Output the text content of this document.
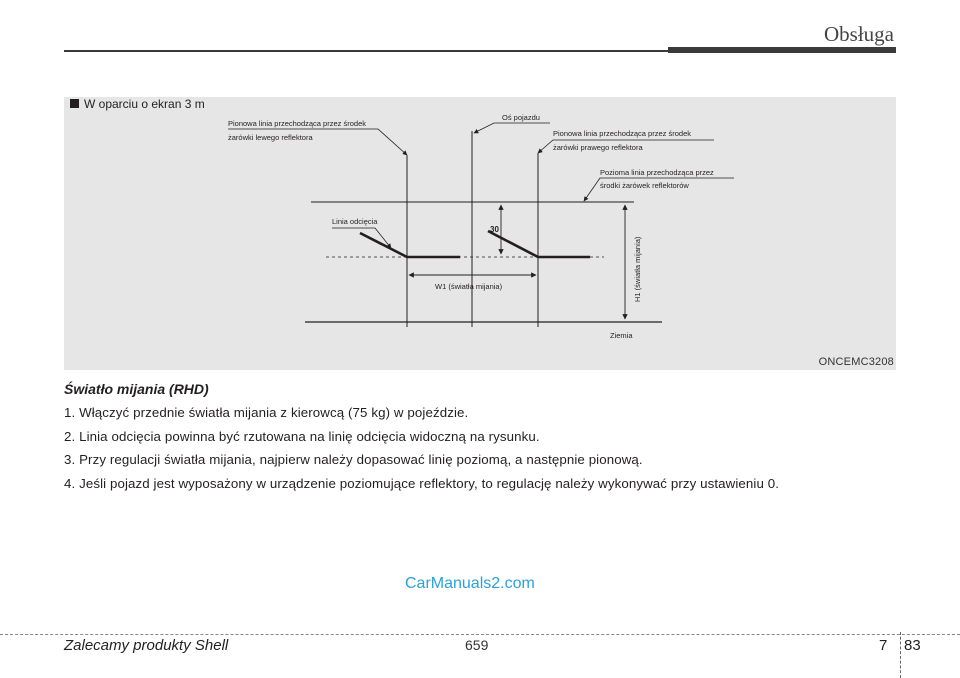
Obsługa
W oparciu o ekran 3 m
Pionowa linia przechodząca przez środek
żarówki lewego reflektora
Oś pojazdu
Pionowa linia przechodząca przez środek
żarówki prawego reflektora
Pozioma linia przechodząca przez
środki żarówek reflektorów
Linia odcięcia
30
W1 (światła mijania)	H1 (światła mijania)
Ziemia
ONCEMC3208
Światło mijania (RHD)
1. Włączyć przednie światła mijania z kierowcą (75 kg) w pojeździe.
2. Linia odcięcia powinna być rzutowana na linię odcięcia widoczną na rysunku.
3. Przy regulacji światła mijania, najpierw należy dopasować linię poziomą, a następnie pionową.
4. Jeśli pojazd jest wyposażony w urządzenie poziomujące reflektory, to regulację należy wykonywać przy ustawieniu 0.
CarManuals2.com
Zalecamy produkty Shell	659	7 83
